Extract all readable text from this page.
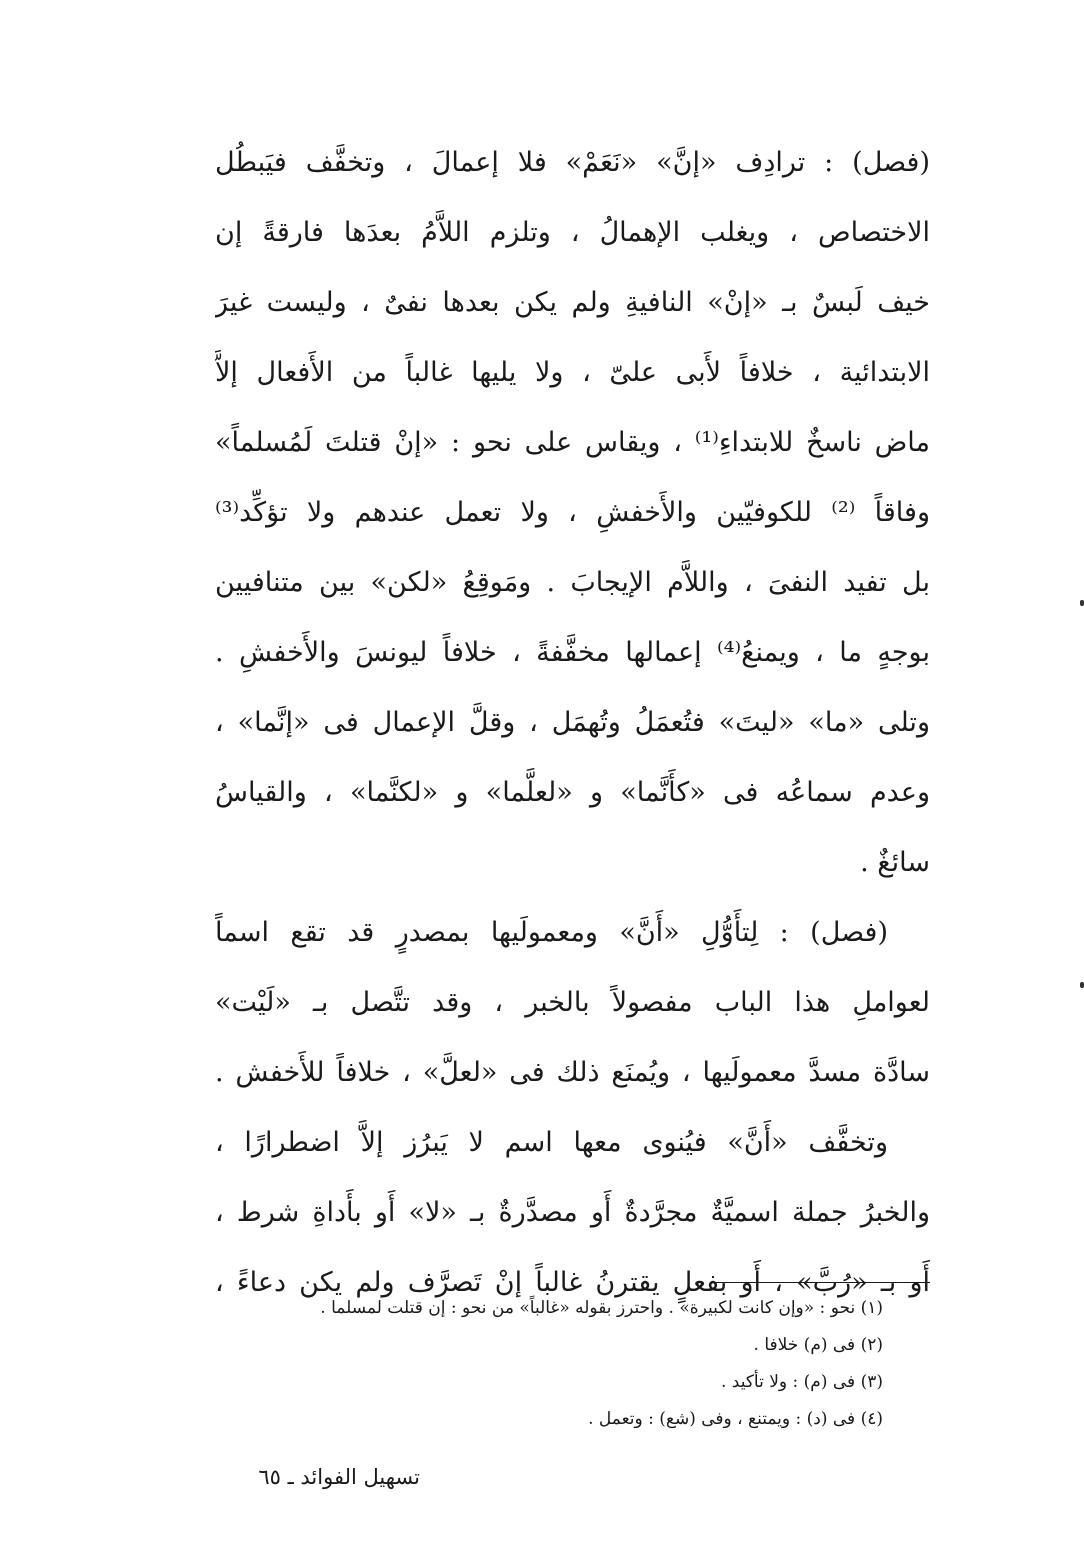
(فصل) : ترادِف «إنَّ» «نَعَمْ» فلا إعمالَ ، وتخفَّف فيَبطُل
الاختصاص ، ويغلب الإهمالُ ، وتلزم اللاَّمُ بعدَها فارقةً إن
خيف لَبسٌ بـ «إنْ» النافيةِ ولم يكن بعدها نفىٌ ، وليست غيرَ
الابتدائية ، خلافاً لأَبى علىّ ، ولا يليها غالباً من الأَفعال إلاَّ
ماض ناسخٌ للابتداءِ⁽¹⁾ ، ويقاس على نحو : «إنْ قتلتَ لَمُسلماً»
وفاقاً ⁽²⁾ للكوفيّين والأَخفشِ ، ولا تعمل عندهم ولا تؤكِّد⁽³⁾
بل تفيد النفىَ ، واللاَّم الإيجابَ . ومَوقِعُ «لكن» بين متنافيين
بوجهٍ ما ، ويمنعُ⁽⁴⁾ إعمالها مخفَّفةً ، خلافاً ليونسَ والأَخفشِ .
وتلى «ما» «ليتَ» فتُعمَلُ وتُهمَل ، وقلَّ الإعمال فى «إنَّما» ،
وعدم سماعُه فى «كأَنَّما» و «لعلَّما» و «لكنَّما» ، والقياسُ
سائغٌ .
(فصل) : لِتأَوُّلِ «أَنَّ» ومعمولَيها بمصدرٍ قد تقع اسماً
لعواملِ هذا الباب مفصولاً بالخبر ، وقد تتَّصل بـ «لَيْت»
سادَّة مسدَّ معمولَيها ، ويُمنَع ذلك فى «لعلَّ» ، خلافاً للأَخفش .
وتخفَّف «أَنَّ» فيُنوى معها اسم لا يَبرُز إلاَّ اضطرارًا ،
والخبرُ جملة اسميَّةٌ مجرَّدةٌ أَو مصدَّرةٌ بـ «لا» أَو بأَداةِ شرط ،
أَو بـ «رُبَّ» ، أَو بفعلٍ يقترنُ غالباً إنْ تَصرَّف ولم يكن دعاءً ،
(١) نحو : «وإن كانت لكبيرة» . واحترز بقوله «غالباً» من نحو : إن قتلت لمسلما .
(٢) فى (م) خلافا .
(٣) فى (م) : ولا تأكيد .
(٤) فى (د) : ويمتنع ، وفى (شع) : وتعمل .
تسهيل الفوائد ـ ٦٥
